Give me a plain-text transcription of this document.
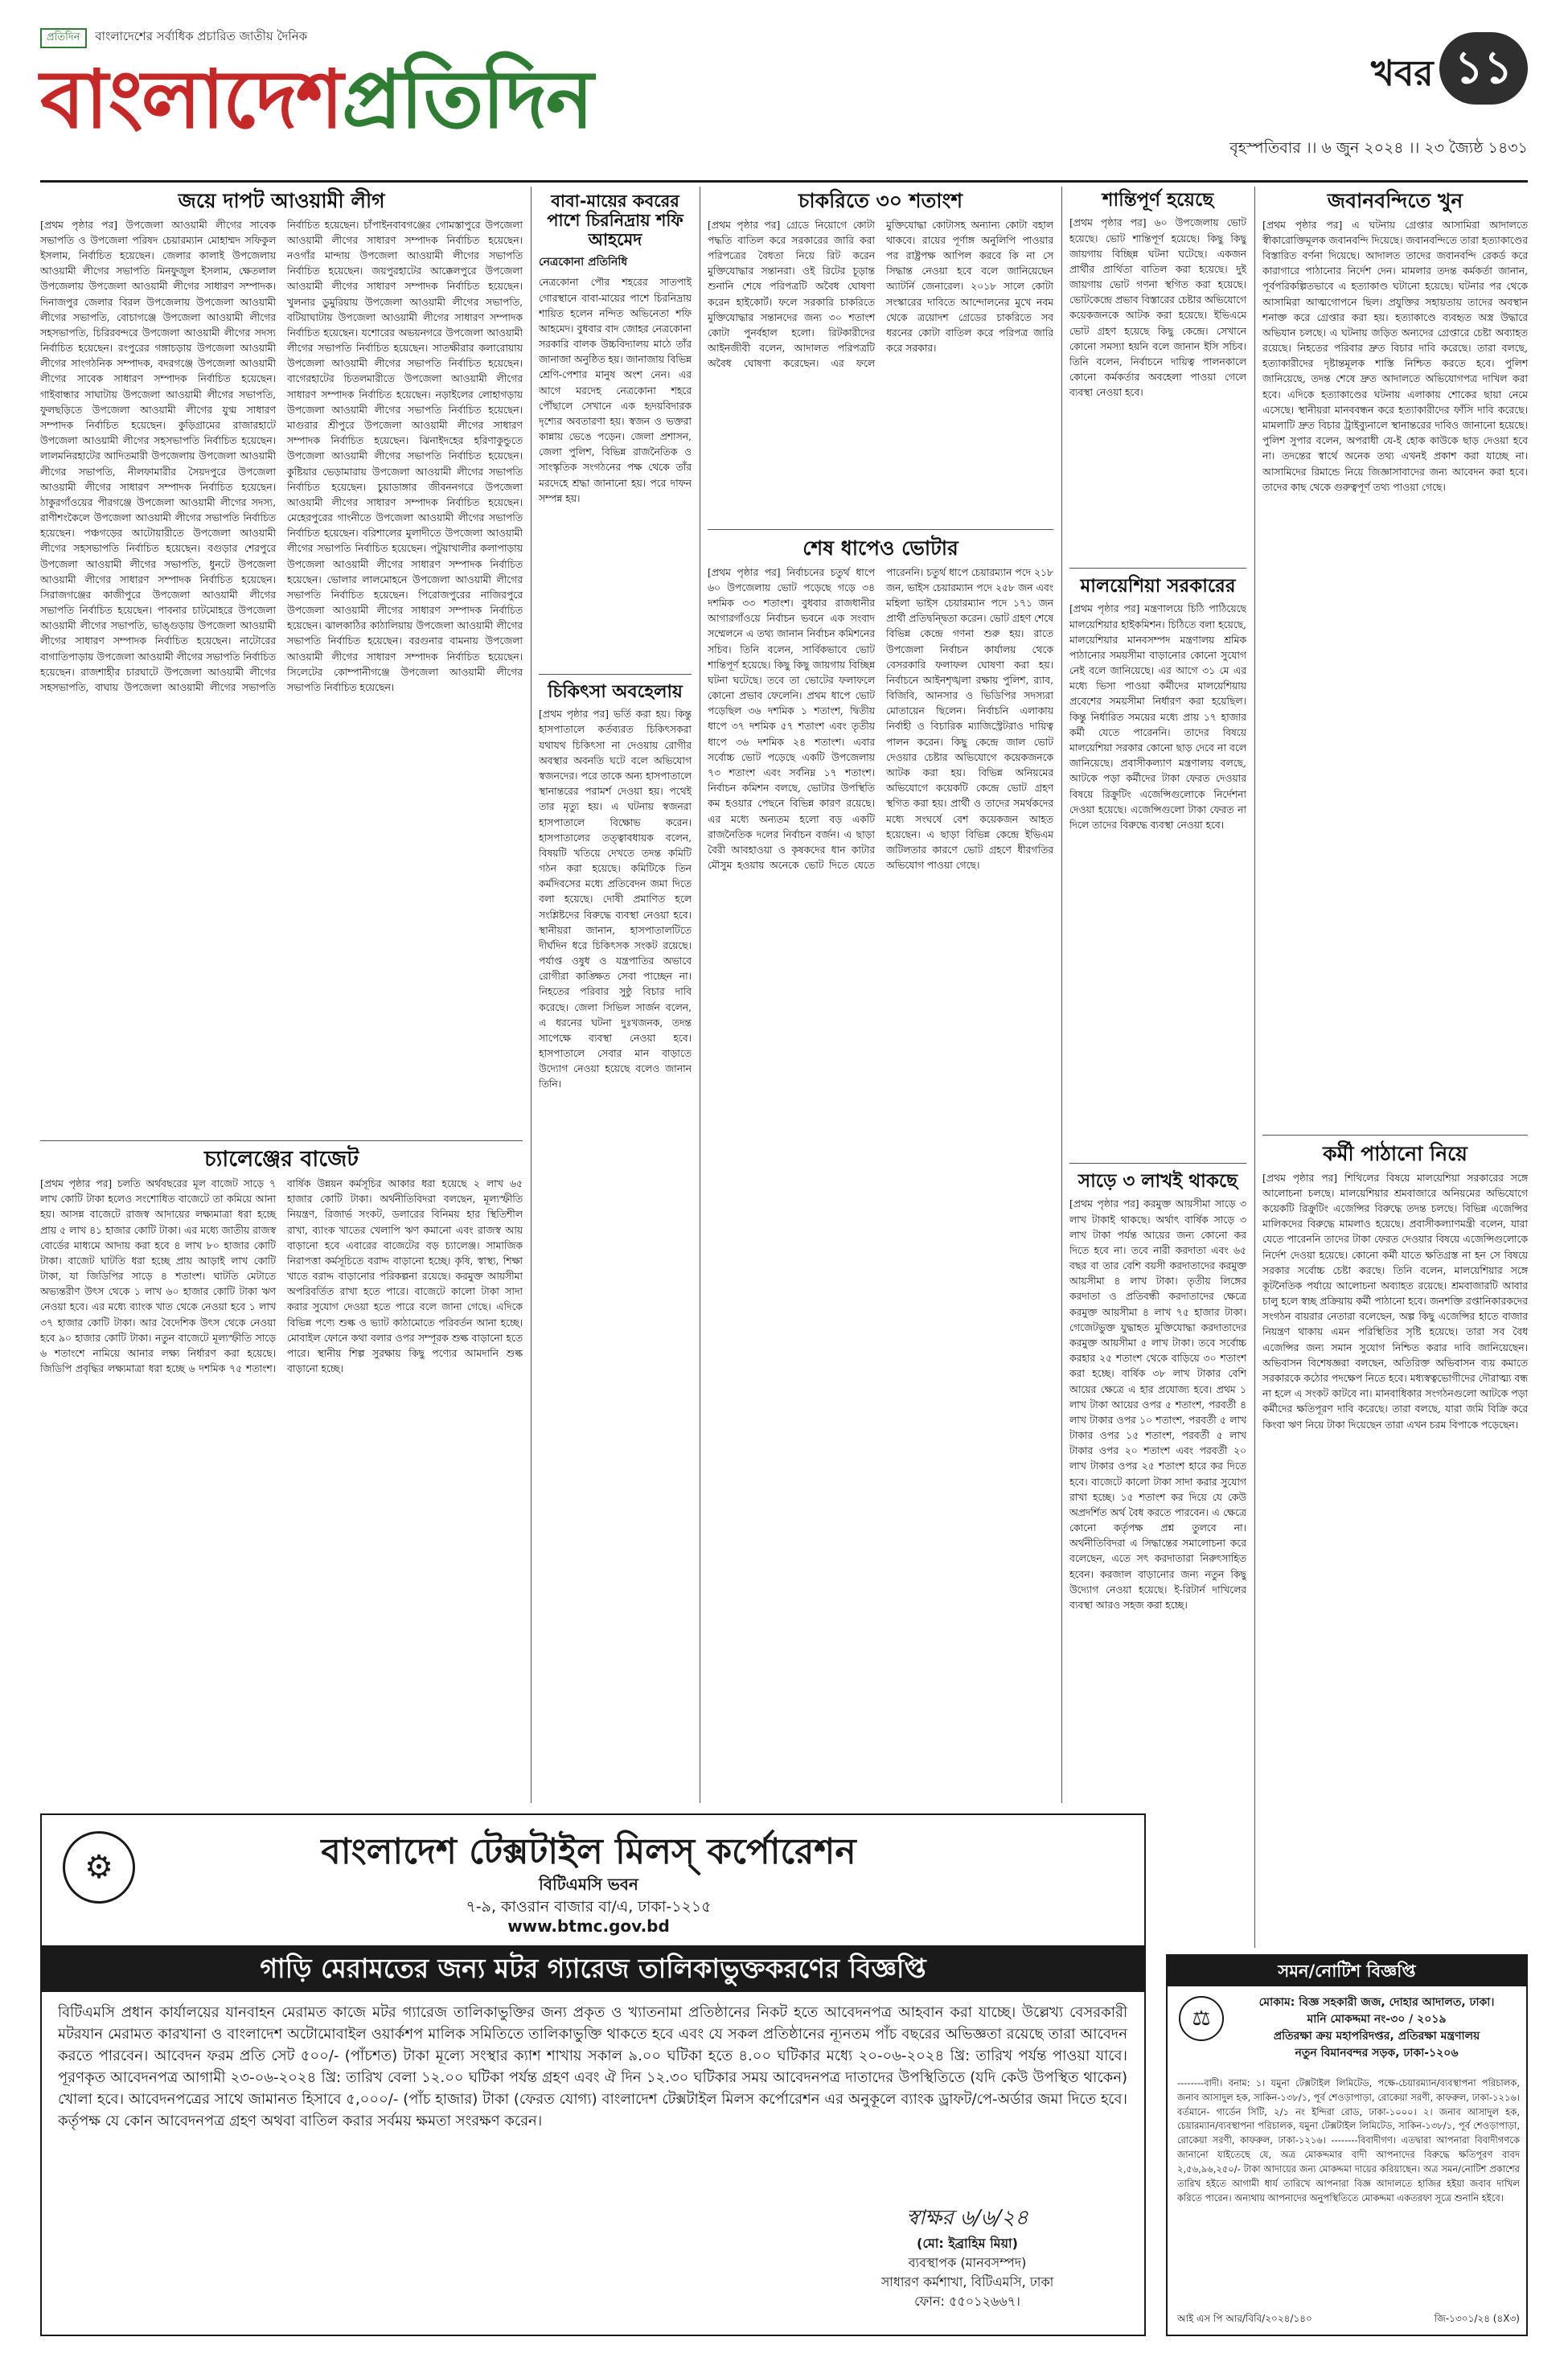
প্রতিদিন বাংলাদেশের সর্বাধিক প্রচারিত জাতীয় দৈনিক
বাংলাদেশপ্রতিদিন	খবর ১১
বৃহস্পতিবার ।। ৬ জুন ২০২৪ ।। ২৩ জ্যৈষ্ঠ ১৪৩১
জয়ে দাপট আওয়ামী লীগ

[প্রথম পৃষ্ঠার পর] উপজেলা আওয়ামী লীগের সাবেক সভাপতি ও উপজেলা পরিষদ চেয়ারম্যান মোহাম্মদ সফিকুল ইসলাম, নির্বাচিত হয়েছেন। জেলার কালাই উপজেলায় আওয়ামী লীগের সভাপতি মিনফুজুল ইসলাম, ক্ষেতলাল উপজেলায় উপজেলা আওয়ামী লীগের সাধারণ সম্পাদক। দিনাজপুর জেলার বিরল উপজেলায় উপজেলা আওয়ামী লীগের সভাপতি, বোচাগঞ্জে উপজেলা আওয়ামী লীগের সহসভাপতি, চিরিরবন্দরে উপজেলা আওয়ামী লীগের সদস্য নির্বাচিত হয়েছেন। রংপুরের গঙ্গাচড়ায় উপজেলা আওয়ামী লীগের সাংগঠনিক সম্পাদক, বদরগঞ্জে উপজেলা আওয়ামী লীগের সাবেক সাধারণ সম্পাদক নির্বাচিত হয়েছেন। গাইবান্ধার সাঘাটায় উপজেলা আওয়ামী লীগের সভাপতি, ফুলছড়িতে উপজেলা আওয়ামী লীগের যুগ্ম সাধারণ সম্পাদক নির্বাচিত হয়েছেন। কুড়িগ্রামের রাজারহাটে উপজেলা আওয়ামী লীগের সহসভাপতি নির্বাচিত হয়েছেন। লালমনিরহাটের আদিতমারী উপজেলায় উপজেলা আওয়ামী লীগের সভাপতি, নীলফামারীর সৈয়দপুরে উপজেলা আওয়ামী লীগের সাধারণ সম্পাদক নির্বাচিত হয়েছেন। ঠাকুরগাঁওয়ের পীরগঞ্জে উপজেলা আওয়ামী লীগের সদস্য, রাণীশংকৈলে উপজেলা আওয়ামী লীগের সভাপতি নির্বাচিত হয়েছেন। পঞ্চগড়ের আটোয়ারীতে উপজেলা আওয়ামী লীগের সহসভাপতি নির্বাচিত হয়েছেন। বগুড়ার শেরপুরে উপজেলা আওয়ামী লীগের সভাপতি, ধুনটে উপজেলা আওয়ামী লীগের সাধারণ সম্পাদক নির্বাচিত হয়েছেন। সিরাজগঞ্জের কাজীপুরে উপজেলা আওয়ামী লীগের সভাপতি নির্বাচিত হয়েছেন। পাবনার চাটমোহরে উপজেলা আওয়ামী লীগের সভাপতি, ভাঙ্গুড়ায় উপজেলা আওয়ামী লীগের সাধারণ সম্পাদক নির্বাচিত হয়েছেন। নাটোরের বাগাতিপাড়ায় উপজেলা আওয়ামী লীগের সভাপতি নির্বাচিত হয়েছেন। রাজশাহীর চারঘাটে উপজেলা আওয়ামী লীগের সহসভাপতি, বাঘায় উপজেলা আওয়ামী লীগের সভাপতি নির্বাচিত হয়েছেন। চাঁপাইনবাবগঞ্জের গোমস্তাপুরে উপজেলা আওয়ামী লীগের সাধারণ সম্পাদক নির্বাচিত হয়েছেন। নওগাঁর মান্দায় উপজেলা আওয়ামী লীগের সভাপতি নির্বাচিত হয়েছেন। জয়পুরহাটের আক্কেলপুরে উপজেলা আওয়ামী লীগের সাধারণ সম্পাদক নির্বাচিত হয়েছেন। খুলনার ডুমুরিয়ায় উপজেলা আওয়ামী লীগের সভাপতি, বটিয়াঘাটায় উপজেলা আওয়ামী লীগের সাধারণ সম্পাদক নির্বাচিত হয়েছেন। যশোরের অভয়নগরে উপজেলা আওয়ামী লীগের সভাপতি নির্বাচিত হয়েছেন। সাতক্ষীরার কলারোয়ায় উপজেলা আওয়ামী লীগের সভাপতি নির্বাচিত হয়েছেন। বাগেরহাটের চিতলমারীতে উপজেলা আওয়ামী লীগের সাধারণ সম্পাদক নির্বাচিত হয়েছেন। নড়াইলের লোহাগড়ায় উপজেলা আওয়ামী লীগের সভাপতি নির্বাচিত হয়েছেন। মাগুরার শ্রীপুরে উপজেলা আওয়ামী লীগের সাধারণ সম্পাদক নির্বাচিত হয়েছেন। ঝিনাইদহের হরিণাকুন্ডুতে উপজেলা আওয়ামী লীগের সভাপতি নির্বাচিত হয়েছেন। কুষ্টিয়ার ভেড়ামারায় উপজেলা আওয়ামী লীগের সভাপতি নির্বাচিত হয়েছেন। চুয়াডাঙ্গার জীবননগরে উপজেলা আওয়ামী লীগের সাধারণ সম্পাদক নির্বাচিত হয়েছেন। মেহেরপুরের গাংনীতে উপজেলা আওয়ামী লীগের সভাপতি নির্বাচিত হয়েছেন। বরিশালের মুলাদীতে উপজেলা আওয়ামী লীগের সভাপতি নির্বাচিত হয়েছেন। পটুয়াখালীর কলাপাড়ায় উপজেলা আওয়ামী লীগের সাধারণ সম্পাদক নির্বাচিত হয়েছেন। ভোলার লালমোহনে উপজেলা আওয়ামী লীগের সভাপতি নির্বাচিত হয়েছেন। পিরোজপুরের নাজিরপুরে উপজেলা আওয়ামী লীগের সাধারণ সম্পাদক নির্বাচিত হয়েছেন। ঝালকাঠির কাঠালিয়ায় উপজেলা আওয়ামী লীগের সভাপতি নির্বাচিত হয়েছেন। বরগুনার বামনায় উপজেলা আওয়ামী লীগের সাধারণ সম্পাদক নির্বাচিত হয়েছেন। সিলেটের কোম্পানীগঞ্জে উপজেলা আওয়ামী লীগের সভাপতি নির্বাচিত হয়েছেন।

চ্যালেঞ্জের বাজেট

[প্রথম পৃষ্ঠার পর] চলতি অর্থবছরের মূল বাজেট সাড়ে ৭ লাখ কোটি টাকা হলেও সংশোধিত বাজেটে তা কমিয়ে আনা হয়। আসন্ন বাজেটে রাজস্ব আদায়ের লক্ষ্যমাত্রা ধরা হচ্ছে প্রায় ৫ লাখ ৪১ হাজার কোটি টাকা। এর মধ্যে জাতীয় রাজস্ব বোর্ডের মাধ্যমে আদায় করা হবে ৪ লাখ ৮০ হাজার কোটি টাকা। বাজেট ঘাটতি ধরা হচ্ছে প্রায় আড়াই লাখ কোটি টাকা, যা জিডিপির সাড়ে ৪ শতাংশ। ঘাটতি মেটাতে অভ্যন্তরীণ উৎস থেকে ১ লাখ ৬০ হাজার কোটি টাকা ঋণ নেওয়া হবে। এর মধ্যে ব্যাংক খাত থেকে নেওয়া হবে ১ লাখ ৩৭ হাজার কোটি টাকা। আর বৈদেশিক উৎস থেকে নেওয়া হবে ৯০ হাজার কোটি টাকা। নতুন বাজেটে মূল্যস্ফীতি সাড়ে ৬ শতাংশে নামিয়ে আনার লক্ষ্য নির্ধারণ করা হয়েছে। জিডিপি প্রবৃদ্ধির লক্ষ্যমাত্রা ধরা হচ্ছে ৬ দশমিক ৭৫ শতাংশ। বার্ষিক উন্নয়ন কর্মসূচির আকার ধরা হয়েছে ২ লাখ ৬৫ হাজার কোটি টাকা। অর্থনীতিবিদরা বলছেন, মূল্যস্ফীতি নিয়ন্ত্রণ, রিজার্ভ সংকট, ডলারের বিনিময় হার স্থিতিশীল রাখা, ব্যাংক খাতের খেলাপি ঋণ কমানো এবং রাজস্ব আয় বাড়ানো হবে এবারের বাজেটের বড় চ্যালেঞ্জ। সামাজিক নিরাপত্তা কর্মসূচিতে বরাদ্দ বাড়ানো হচ্ছে। কৃষি, স্বাস্থ্য, শিক্ষা খাতে বরাদ্দ বাড়ানোর পরিকল্পনা রয়েছে। করমুক্ত আয়সীমা অপরিবর্তিত রাখা হতে পারে। বাজেটে কালো টাকা সাদা করার সুযোগ দেওয়া হতে পারে বলে জানা গেছে। এদিকে বিভিন্ন পণ্যে শুল্ক ও ভ্যাট কাঠামোতে পরিবর্তন আনা হচ্ছে। মোবাইল ফোনে কথা বলার ওপর সম্পূরক শুল্ক বাড়ানো হতে পারে। স্থানীয় শিল্প সুরক্ষায় কিছু পণ্যের আমদানি শুল্ক বাড়ানো হচ্ছে।

বাবা-মায়ের কবরের পাশে চিরনিদ্রায় শফি আহমেদ
নেত্রকোনা প্রতিনিধি

নেত্রকোনা পৌর শহরের সাতপাই গোরস্থানে বাবা-মায়ের পাশে চিরনিদ্রায় শায়িত হলেন নন্দিত অভিনেতা শফি আহমেদ। বুধবার বাদ জোহর নেত্রকোনা সরকারি বালক উচ্চবিদ্যালয় মাঠে তাঁর জানাজা অনুষ্ঠিত হয়। জানাজায় বিভিন্ন শ্রেণি-পেশার মানুষ অংশ নেন। এর আগে মরদেহ নেত্রকোনা শহরে পৌঁছালে সেখানে এক হৃদয়বিদারক দৃশ্যের অবতারণা হয়। স্বজন ও ভক্তরা কান্নায় ভেঙে পড়েন। জেলা প্রশাসন, জেলা পুলিশ, বিভিন্ন রাজনৈতিক ও সাংস্কৃতিক সংগঠনের পক্ষ থেকে তাঁর মরদেহে শ্রদ্ধা জানানো হয়। পরে দাফন সম্পন্ন হয়।

চিকিৎসা অবহেলায়

[প্রথম পৃষ্ঠার পর] ভর্তি করা হয়। কিন্তু হাসপাতালে কর্তব্যরত চিকিৎসকরা যথাযথ চিকিৎসা না দেওয়ায় রোগীর অবস্থার অবনতি ঘটে বলে অভিযোগ স্বজনদের। পরে তাকে অন্য হাসপাতালে স্থানান্তরের পরামর্শ দেওয়া হয়। পথেই তার মৃত্যু হয়। এ ঘটনায় স্বজনরা হাসপাতালে বিক্ষোভ করেন। হাসপাতালের তত্ত্বাবধায়ক বলেন, বিষয়টি খতিয়ে দেখতে তদন্ত কমিটি গঠন করা হয়েছে। কমিটিকে তিন কর্মদিবসের মধ্যে প্রতিবেদন জমা দিতে বলা হয়েছে। দোষী প্রমাণিত হলে সংশ্লিষ্টদের বিরুদ্ধে ব্যবস্থা নেওয়া হবে। স্থানীয়রা জানান, হাসপাতালটিতে দীর্ঘদিন ধরে চিকিৎসক সংকট রয়েছে। পর্যাপ্ত ওষুধ ও যন্ত্রপাতির অভাবে রোগীরা কাঙ্ক্ষিত সেবা পাচ্ছেন না। নিহতের পরিবার সুষ্ঠু বিচার দাবি করেছে। জেলা সিভিল সার্জন বলেন, এ ধরনের ঘটনা দুঃখজনক, তদন্ত সাপেক্ষে ব্যবস্থা নেওয়া হবে। হাসপাতালে সেবার মান বাড়াতে উদ্যোগ নেওয়া হয়েছে বলেও জানান তিনি।

চাকরিতে ৩০ শতাংশ

[প্রথম পৃষ্ঠার পর] গ্রেডে নিয়োগে কোটা পদ্ধতি বাতিল করে সরকারের জারি করা পরিপত্রের বৈধতা নিয়ে রিট করেন মুক্তিযোদ্ধার সন্তানরা। ওই রিটের চূড়ান্ত শুনানি শেষে পরিপত্রটি অবৈধ ঘোষণা করেন হাইকোর্ট। ফলে সরকারি চাকরিতে মুক্তিযোদ্ধার সন্তানদের জন্য ৩০ শতাংশ কোটা পুনর্বহাল হলো। রিটকারীদের আইনজীবী বলেন, আদালত পরিপত্রটি অবৈধ ঘোষণা করেছেন। এর ফলে মুক্তিযোদ্ধা কোটাসহ অন্যান্য কোটা বহাল থাকবে। রায়ের পূর্ণাঙ্গ অনুলিপি পাওয়ার পর রাষ্ট্রপক্ষ আপিল করবে কি না সে সিদ্ধান্ত নেওয়া হবে বলে জানিয়েছেন অ্যাটর্নি জেনারেল। ২০১৮ সালে কোটা সংস্কারের দাবিতে আন্দোলনের মুখে নবম থেকে ত্রয়োদশ গ্রেডের চাকরিতে সব ধরনের কোটা বাতিল করে পরিপত্র জারি করে সরকার।

শেষ ধাপেও ভোটার

[প্রথম পৃষ্ঠার পর] নির্বাচনের চতুর্থ ধাপে ৬০ উপজেলায় ভোট পড়েছে গড়ে ৩৪ দশমিক ৩৩ শতাংশ। বুধবার রাজধানীর আগারগাঁওয়ে নির্বাচন ভবনে এক সংবাদ সম্মেলনে এ তথ্য জানান নির্বাচন কমিশনের সচিব। তিনি বলেন, সার্বিকভাবে ভোট শান্তিপূর্ণ হয়েছে। কিছু কিছু জায়গায় বিচ্ছিন্ন ঘটনা ঘটেছে। তবে তা ভোটের ফলাফলে কোনো প্রভাব ফেলেনি। প্রথম ধাপে ভোট পড়েছিল ৩৬ দশমিক ১ শতাংশ, দ্বিতীয় ধাপে ৩৭ দশমিক ৫৭ শতাংশ এবং তৃতীয় ধাপে ৩৬ দশমিক ২৪ শতাংশ। এবার সর্বোচ্চ ভোট পড়েছে একটি উপজেলায় ৭৩ শতাংশ এবং সর্বনিম্ন ১৭ শতাংশ। নির্বাচন কমিশন বলছে, ভোটার উপস্থিতি কম হওয়ার পেছনে বিভিন্ন কারণ রয়েছে। এর মধ্যে অন্যতম হলো বড় একটি রাজনৈতিক দলের নির্বাচন বর্জন। এ ছাড়া বৈরী আবহাওয়া ও কৃষকদের ধান কাটার মৌসুম হওয়ায় অনেকে ভোট দিতে যেতে পারেননি। চতুর্থ ধাপে চেয়ারম্যান পদে ২১৮ জন, ভাইস চেয়ারম্যান পদে ২৫৮ জন এবং মহিলা ভাইস চেয়ারম্যান পদে ১৭১ জন প্রার্থী প্রতিদ্বন্দ্বিতা করেন। ভোট গ্রহণ শেষে বিভিন্ন কেন্দ্রে গণনা শুরু হয়। রাতে উপজেলা নির্বাচন কার্যালয় থেকে বেসরকারি ফলাফল ঘোষণা করা হয়। নির্বাচনে আইনশৃঙ্খলা রক্ষায় পুলিশ, র‍্যাব, বিজিবি, আনসার ও ভিডিপির সদস্যরা মোতায়েন ছিলেন। নির্বাচনি এলাকায় নির্বাহী ও বিচারিক ম্যাজিস্ট্রেটরাও দায়িত্ব পালন করেন। কিছু কেন্দ্রে জাল ভোট দেওয়ার চেষ্টার অভিযোগে কয়েকজনকে আটক করা হয়। বিভিন্ন অনিয়মের অভিযোগে কয়েকটি কেন্দ্রে ভোট গ্রহণ স্থগিত করা হয়। প্রার্থী ও তাদের সমর্থকদের মধ্যে সংঘর্ষে বেশ কয়েকজন আহত হয়েছেন। এ ছাড়া বিভিন্ন কেন্দ্রে ইভিএম জটিলতার কারণে ভোট গ্রহণে ধীরগতির অভিযোগ পাওয়া গেছে।

শান্তিপূর্ণ হয়েছে

[প্রথম পৃষ্ঠার পর] ৬০ উপজেলায় ভোট হয়েছে। ভোট শান্তিপূর্ণ হয়েছে। কিছু কিছু জায়গায় বিচ্ছিন্ন ঘটনা ঘটেছে। একজন প্রার্থীর প্রার্থিতা বাতিল করা হয়েছে। দুই জায়গায় ভোট গণনা স্থগিত করা হয়েছে। ভোটকেন্দ্রে প্রভাব বিস্তারের চেষ্টার অভিযোগে কয়েকজনকে আটক করা হয়েছে। ইভিএমে ভোট গ্রহণ হয়েছে কিছু কেন্দ্রে। সেখানে কোনো সমস্যা হয়নি বলে জানান ইসি সচিব। তিনি বলেন, নির্বাচনে দায়িত্ব পালনকালে কোনো কর্মকর্তার অবহেলা পাওয়া গেলে ব্যবস্থা নেওয়া হবে।

মালয়েশিয়া সরকারের

[প্রথম পৃষ্ঠার পর] মন্ত্রণালয়ে চিঠি পাঠিয়েছে মালয়েশিয়ার হাইকমিশন। চিঠিতে বলা হয়েছে, মালয়েশিয়ার মানবসম্পদ মন্ত্রণালয় শ্রমিক পাঠানোর সময়সীমা বাড়ানোর কোনো সুযোগ নেই বলে জানিয়েছে। এর আগে ৩১ মে এর মধ্যে ভিসা পাওয়া কর্মীদের মালয়েশিয়ায় প্রবেশের সময়সীমা নির্ধারণ করা হয়েছিল। কিন্তু নির্ধারিত সময়ের মধ্যে প্রায় ১৭ হাজার কর্মী যেতে পারেননি। তাদের বিষয়ে মালয়েশিয়া সরকার কোনো ছাড় দেবে না বলে জানিয়েছে। প্রবাসীকল্যাণ মন্ত্রণালয় বলছে, আটকে পড়া কর্মীদের টাকা ফেরত দেওয়ার বিষয়ে রিক্রুটিং এজেন্সিগুলোকে নির্দেশনা দেওয়া হয়েছে। এজেন্সিগুলো টাকা ফেরত না দিলে তাদের বিরুদ্ধে ব্যবস্থা নেওয়া হবে।

সাড়ে ৩ লাখই থাকছে

[প্রথম পৃষ্ঠার পর] করমুক্ত আয়সীমা সাড়ে ৩ লাখ টাকাই থাকছে। অর্থাৎ বার্ষিক সাড়ে ৩ লাখ টাকা পর্যন্ত আয়ের জন্য কোনো কর দিতে হবে না। তবে নারী করদাতা এবং ৬৫ বছর বা তার বেশি বয়সী করদাতাদের করমুক্ত আয়সীমা ৪ লাখ টাকা। তৃতীয় লিঙ্গের করদাতা ও প্রতিবন্ধী করদাতাদের ক্ষেত্রে করমুক্ত আয়সীমা ৪ লাখ ৭৫ হাজার টাকা। গেজেটভুক্ত যুদ্ধাহত মুক্তিযোদ্ধা করদাতাদের করমুক্ত আয়সীমা ৫ লাখ টাকা। তবে সর্বোচ্চ করহার ২৫ শতাংশ থেকে বাড়িয়ে ৩০ শতাংশ করা হচ্ছে। বার্ষিক ৩৮ লাখ টাকার বেশি আয়ের ক্ষেত্রে এ হার প্রযোজ্য হবে। প্রথম ১ লাখ টাকা আয়ের ওপর ৫ শতাংশ, পরবর্তী ৪ লাখ টাকার ওপর ১০ শতাংশ, পরবর্তী ৫ লাখ টাকার ওপর ১৫ শতাংশ, পরবর্তী ৫ লাখ টাকার ওপর ২০ শতাংশ এবং পরবর্তী ২০ লাখ টাকার ওপর ২৫ শতাংশ হারে কর দিতে হবে। বাজেটে কালো টাকা সাদা করার সুযোগ রাখা হচ্ছে। ১৫ শতাংশ কর দিয়ে যে কেউ অপ্রদর্শিত অর্থ বৈধ করতে পারবেন। এ ক্ষেত্রে কোনো কর্তৃপক্ষ প্রশ্ন তুলবে না। অর্থনীতিবিদরা এ সিদ্ধান্তের সমালোচনা করে বলেছেন, এতে সৎ করদাতারা নিরুৎসাহিত হবেন। করজাল বাড়ানোর জন্য নতুন কিছু উদ্যোগ নেওয়া হয়েছে। ই-রিটার্ন দাখিলের ব্যবস্থা আরও সহজ করা হচ্ছে।

জবানবন্দিতে খুন

[প্রথম পৃষ্ঠার পর] এ ঘটনায় গ্রেপ্তার আসামিরা আদালতে স্বীকারোক্তিমূলক জবানবন্দি দিয়েছে। জবানবন্দিতে তারা হত্যাকাণ্ডের বিস্তারিত বর্ণনা দিয়েছে। আদালত তাদের জবানবন্দি রেকর্ড করে কারাগারে পাঠানোর নির্দেশ দেন। মামলার তদন্ত কর্মকর্তা জানান, পূর্বপরিকল্পিতভাবে এ হত্যাকাণ্ড ঘটানো হয়েছে। ঘটনার পর থেকে আসামিরা আত্মগোপনে ছিল। প্রযুক্তির সহায়তায় তাদের অবস্থান শনাক্ত করে গ্রেপ্তার করা হয়। হত্যাকাণ্ডে ব্যবহৃত অস্ত্র উদ্ধারে অভিযান চলছে। এ ঘটনায় জড়িত অন্যদের গ্রেপ্তারে চেষ্টা অব্যাহত রয়েছে। নিহতের পরিবার দ্রুত বিচার দাবি করেছে। তারা বলছে, হত্যাকারীদের দৃষ্টান্তমূলক শাস্তি নিশ্চিত করতে হবে। পুলিশ জানিয়েছে, তদন্ত শেষে দ্রুত আদালতে অভিযোগপত্র দাখিল করা হবে। এদিকে হত্যাকাণ্ডের ঘটনায় এলাকায় শোকের ছায়া নেমে এসেছে। স্থানীয়রা মানববন্ধন করে হত্যাকারীদের ফাঁসি দাবি করেছে। মামলাটি দ্রুত বিচার ট্রাইব্যুনালে স্থানান্তরের দাবিও জানানো হয়েছে। পুলিশ সুপার বলেন, অপরাধী যে-ই হোক কাউকে ছাড় দেওয়া হবে না। তদন্তের স্বার্থে অনেক তথ্য এখনই প্রকাশ করা যাচ্ছে না। আসামিদের রিমান্ডে নিয়ে জিজ্ঞাসাবাদের জন্য আবেদন করা হবে। তাদের কাছ থেকে গুরুত্বপূর্ণ তথ্য পাওয়া গেছে।

কর্মী পাঠানো নিয়ে

[প্রথম পৃষ্ঠার পর] শিথিলের বিষয়ে মালয়েশিয়া সরকারের সঙ্গে আলোচনা চলছে। মালয়েশিয়ার শ্রমবাজারে অনিয়মের অভিযোগে কয়েকটি রিক্রুটিং এজেন্সির বিরুদ্ধে তদন্ত চলছে। বিভিন্ন এজেন্সির মালিকদের বিরুদ্ধে মামলাও হয়েছে। প্রবাসীকল্যাণমন্ত্রী বলেন, যারা যেতে পারেননি তাদের টাকা ফেরত দেওয়ার বিষয়ে এজেন্সিগুলোকে নির্দেশ দেওয়া হয়েছে। কোনো কর্মী যাতে ক্ষতিগ্রস্ত না হন সে বিষয়ে সরকার সর্বোচ্চ চেষ্টা করছে। তিনি বলেন, মালয়েশিয়ার সঙ্গে কূটনৈতিক পর্যায়ে আলোচনা অব্যাহত রয়েছে। শ্রমবাজারটি আবার চালু হলে স্বচ্ছ প্রক্রিয়ায় কর্মী পাঠানো হবে। জনশক্তি রপ্তানিকারকদের সংগঠন বায়রার নেতারা বলেছেন, অল্প কিছু এজেন্সির হাতে বাজার নিয়ন্ত্রণ থাকায় এমন পরিস্থিতির সৃষ্টি হয়েছে। তারা সব বৈধ এজেন্সির জন্য সমান সুযোগ নিশ্চিত করার দাবি জানিয়েছেন। অভিবাসন বিশেষজ্ঞরা বলছেন, অতিরিক্ত অভিবাসন ব্যয় কমাতে সরকারকে কঠোর পদক্ষেপ নিতে হবে। মধ্যস্বত্বভোগীদের দৌরাত্ম্য বন্ধ না হলে এ সংকট কাটবে না। মানবাধিকার সংগঠনগুলো আটকে পড়া কর্মীদের ক্ষতিপূরণ দাবি করেছে। তারা বলছে, যারা জমি বিক্রি করে কিংবা ঋণ নিয়ে টাকা দিয়েছেন তারা এখন চরম বিপাকে পড়েছেন।

⚙	বাংলাদেশ টেক্সটাইল মিলস্ কর্পোরেশন
বিটিএমসি ভবন
৭-৯, কাওরান বাজার বা/এ, ঢাকা-১২১৫
www.btmc.gov.bd
গাড়ি মেরামতের জন্য মটর গ্যারেজ তালিকাভুক্তকরণের বিজ্ঞপ্তি
বিটিএমসি প্রধান কার্যালয়ের যানবাহন মেরামত কাজে মটর গ্যারেজ তালিকাভুক্তির জন্য প্রকৃত ও খ্যাতনামা প্রতিষ্ঠানের নিকট হতে আবেদনপত্র আহবান করা যাচ্ছে। উল্লেখ্য বেসরকারী মটরযান মেরামত কারখানা ও বাংলাদেশ অটোমোবাইল ওয়ার্কশপ মালিক সমিতিতে তালিকাভুক্তি থাকতে হবে এবং যে সকল প্রতিষ্ঠানের ন্যূনতম পাঁচ বছরের অভিজ্ঞতা রয়েছে তারা আবেদন করতে পারবেন। আবেদন ফরম প্রতি সেট ৫০০/- (পাঁচশত) টাকা মূল্যে সংস্থার ক্যাশ শাখায় সকাল ৯.০০ ঘটিকা হতে ৪.০০ ঘটিকার মধ্যে ২০-০৬-২০২৪ খ্রি: তারিখ পর্যন্ত পাওয়া যাবে। পূরণকৃত আবেদনপত্র আগামী ২৩-০৬-২০২৪ খ্রি: তারিখ বেলা ১২.০০ ঘটিকা পর্যন্ত গ্রহণ এবং ঐ দিন ১২.৩০ ঘটিকার সময় আবেদনপত্র দাতাদের উপস্থিতিতে (যদি কেউ উপস্থিত থাকেন) খোলা হবে। আবেদনপত্রের সাথে জামানত হিসাবে ৫,০০০/- (পাঁচ হাজার) টাকা (ফেরত যোগ্য) বাংলাদেশ টেক্সটাইল মিলস কর্পোরেশন এর অনুকূলে ব্যাংক ড্রাফট/পে-অর্ডার জমা দিতে হবে। কর্তৃপক্ষ যে কোন আবেদনপত্র গ্রহণ অথবা বাতিল করার সর্বময় ক্ষমতা সংরক্ষণ করেন।
স্বাক্ষর ৬/৬/২৪
(মো: ইব্রাহিম মিয়া)
ব্যবস্থাপক (মানবসম্পদ)
সাধারণ কর্মশাখা, বিটিএমসি, ঢাকা
ফোন: ৫৫০১২৬৬৭।
সমন/নোটিশ বিজ্ঞপ্তি
⚖
মোকাম: বিজ্ঞ সহকারী জজ, দোহার আদালত, ঢাকা।
মানি মোকদ্দমা নং-৩০ / ২০১৯
প্রতিরক্ষা ক্রয় মহাপরিদপ্তর, প্রতিরক্ষা মন্ত্রণালয়
নতুন বিমানবন্দর সড়ক, ঢাকা-১২০৬
--------বাদী। বনাম: ১। যমুনা টেক্সটাইল লিমিটেড, পক্ষে-চেয়ারম্যান/ব্যবস্থাপনা পরিচালক, জনাব আসাদুল হক, সাকিন-১৩৮/১, পূর্ব শেওড়াপাড়া, রোকেয়া সরণী, কাফরুল, ঢাকা-১২১৬। বর্তমানে- গার্ডেন সিটি, ২/১ নং ইন্দিরা রোড, ঢাকা-১০০০। ২। জনাব আসাদুল হক, চেয়ারম্যান/ব্যবস্থাপনা পরিচালক, যমুনা টেক্সটাইল লিমিটেড, সাকিন-১৩৮/১, পূর্ব শেওড়াপাড়া, রোকেয়া সরণী, কাফরুল, ঢাকা-১২১৬। --------বিবাদীগণ। এতদ্বারা আপনারা বিবাদীগণকে জানানো যাইতেছে যে, অত্র মোকদ্দমার বাদী আপনাদের বিরুদ্ধে ক্ষতিপূরণ বাবদ ২,৫৬,৯৬,২৫০/- টাকা আদায়ের জন্য মোকদ্দমা দায়ের করিয়াছেন। অত্র সমন/নোটিশ প্রকাশের তারিখ হইতে আগামী ধার্য তারিখে আপনারা বিজ্ঞ আদালতে হাজির হইয়া জবাব দাখিল করিতে পারেন। অন্যথায় আপনাদের অনুপস্থিতিতে মোকদ্দমা একতরফা সূত্রে শুনানি হইবে।
আই এস পি আর/বিবি/২০২৪/১৪০	জি-১৩০১/২৪ (৪X৩)
